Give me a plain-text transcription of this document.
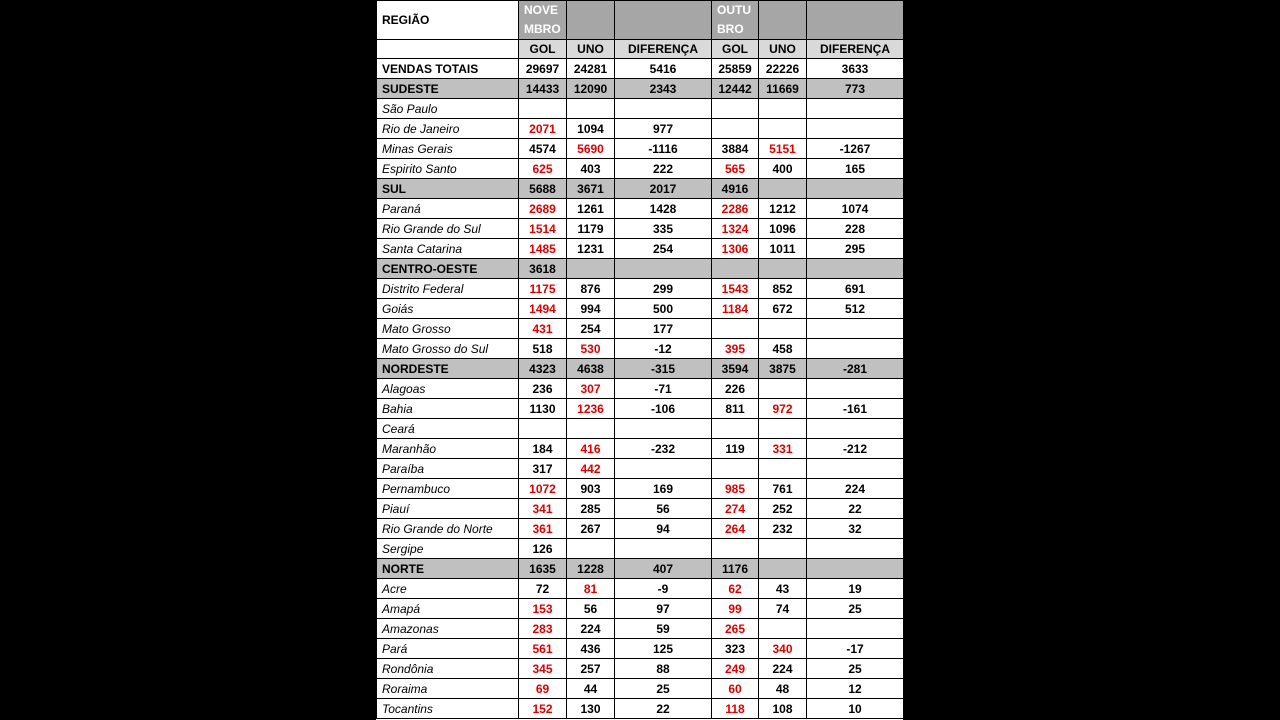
REGIÃO	NOVE MBRO			OUTU BRO		
	GOL	UNO	DIFERENÇA	GOL	UNO	DIFERENÇA
VENDAS TOTAIS	29697	24281	5416	25859	22226	3633
SUDESTE	14433	12090	2343	12442	11669	773
São Paulo						
Rio de Janeiro	2071	1094	977			
Minas Gerais	4574	5690	-1116	3884	5151	-1267
Espirito Santo	625	403	222	565	400	165
SUL	5688	3671	2017	4916		
Paraná	2689	1261	1428	2286	1212	1074
Rio Grande do Sul	1514	1179	335	1324	1096	228
Santa Catarina	1485	1231	254	1306	1011	295
CENTRO-OESTE	3618					
Distrito Federal	1175	876	299	1543	852	691
Goiás	1494	994	500	1184	672	512
Mato Grosso	431	254	177			
Mato Grosso do Sul	518	530	-12	395	458	
NORDESTE	4323	4638	-315	3594	3875	-281
Alagoas	236	307	-71	226		
Bahia	1130	1236	-106	811	972	-161
Ceará						
Maranhão	184	416	-232	119	331	-212
Paraíba	317	442				
Pernambuco	1072	903	169	985	761	224
Piauí	341	285	56	274	252	22
Rio Grande do Norte	361	267	94	264	232	32
Sergipe	126					
NORTE	1635	1228	407	1176		
Acre	72	81	-9	62	43	19
Amapá	153	56	97	99	74	25
Amazonas	283	224	59	265		
Pará	561	436	125	323	340	-17
Rondônia	345	257	88	249	224	25
Roraima	69	44	25	60	48	12
Tocantins	152	130	22	118	108	10
